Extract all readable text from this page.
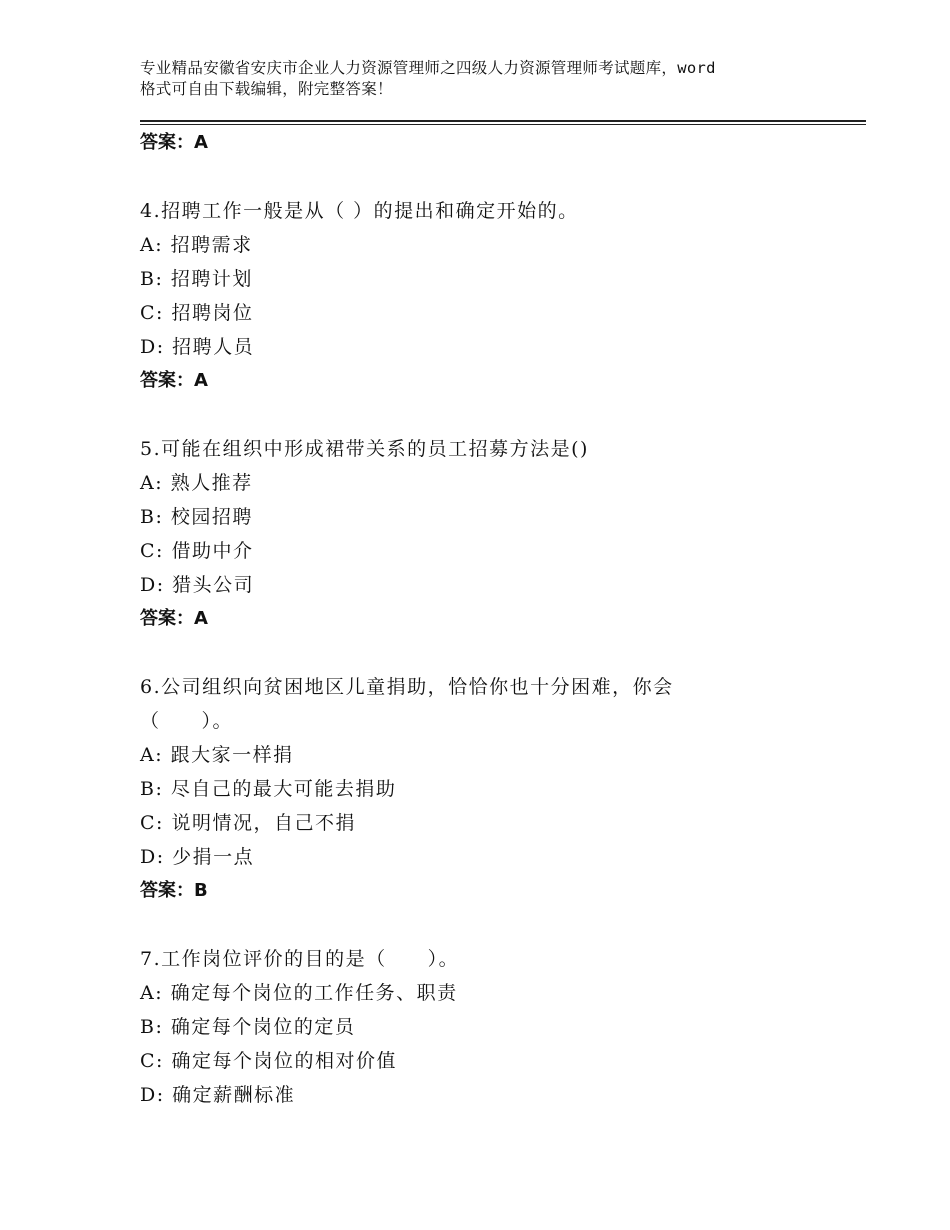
专业精品安徽省安庆市企业人力资源管理师之四级人力资源管理师考试题库，word
格式可自由下载编辑，附完整答案！
答案：A
4.招聘工作一般是从（ ）的提出和确定开始的。
A: 招聘需求
B: 招聘计划
C: 招聘岗位
D: 招聘人员
答案：A
5.可能在组织中形成裙带关系的员工招募方法是()
A: 熟人推荐
B: 校园招聘
C: 借助中介
D: 猎头公司
答案：A
6.公司组织向贫困地区儿童捐助，恰恰你也十分困难，你会
（　　）。
A: 跟大家一样捐
B: 尽自己的最大可能去捐助
C: 说明情况，自己不捐
D: 少捐一点
答案：B
7.工作岗位评价的目的是（　　）。
A: 确定每个岗位的工作任务、职责
B: 确定每个岗位的定员
C: 确定每个岗位的相对价值
D: 确定薪酬标准
